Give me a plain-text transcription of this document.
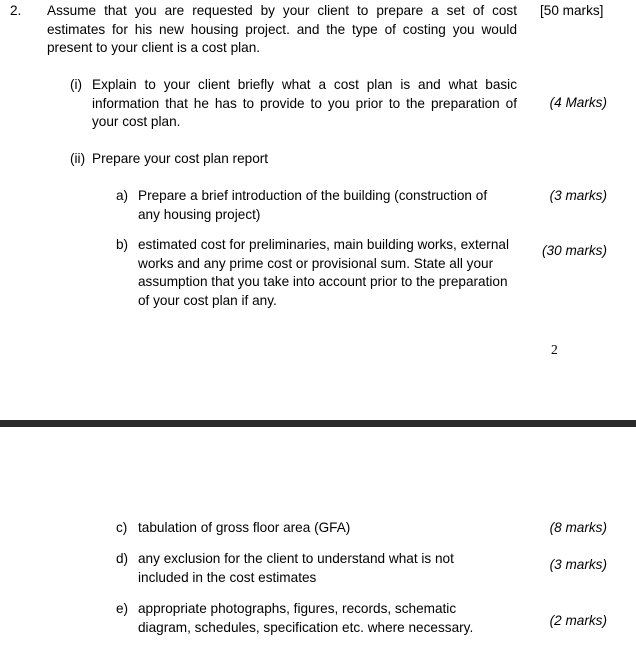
2. Assume that you are requested by your client to prepare a set of cost estimates for his new housing project. and the type of costing you would present to your client is a cost plan.
[50 marks]
(i) Explain to your client briefly what a cost plan is and what basic information that he has to provide to you prior to the preparation of your cost plan.
(4 Marks)
(ii) Prepare your cost plan report
a) Prepare a brief introduction of the building (construction of any housing project)
(3 marks)
b) estimated cost for preliminaries, main building works, external works and any prime cost or provisional sum. State all your assumption that you take into account prior to the preparation of your cost plan if any.
(30 marks)
2
c) tabulation of gross floor area (GFA)	(8 marks)
d) any exclusion for the client to understand what is not included in the cost estimates
(3 marks)
e) appropriate photographs, figures, records, schematic diagram, schedules, specification etc. where necessary.	(2 marks)
